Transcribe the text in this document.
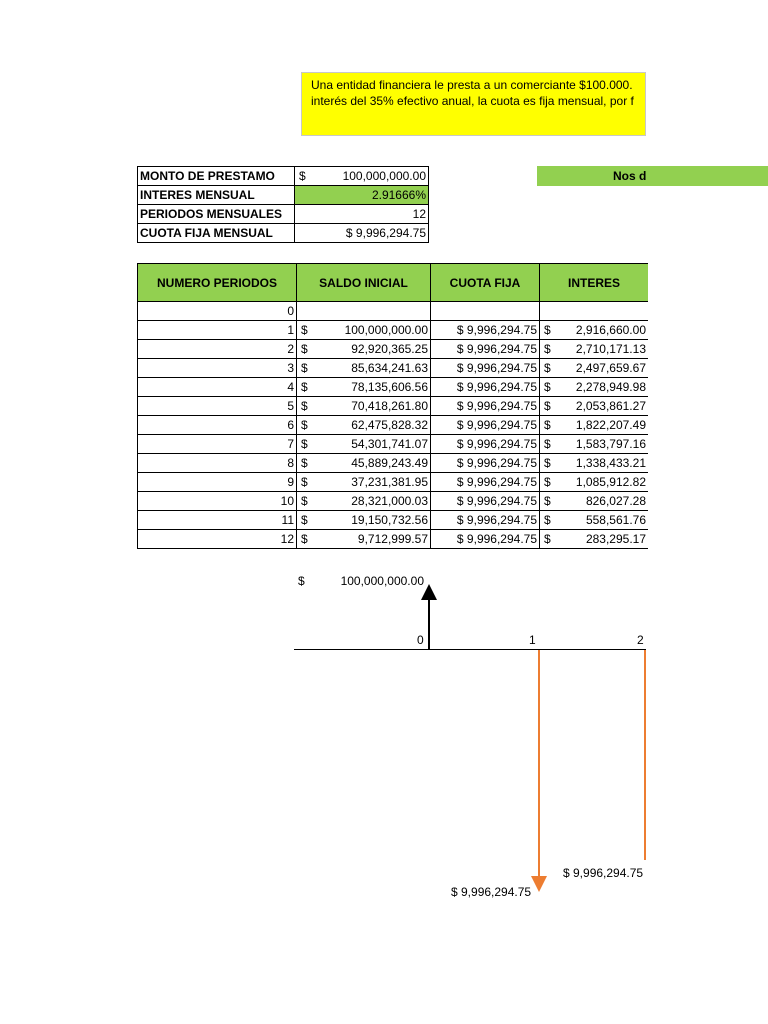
Una entidad financiera le presta a un comerciante $100.000.
interés del 35% efectivo anual, la cuota es fija mensual, por f
Nos d
MONTO DE PRESTAMO	$ 100,000,000.00
INTERES MENSUAL	2.91666%
PERIODOS MENSUALES	12
CUOTA FIJA MENSUAL	$ 9,996,294.75
NUMERO PERIODOS	SALDO INICIAL	CUOTA FIJA	INTERES
0			
1	$ 100,000,000.00	$ 9,996,294.75	$ 2,916,660.00
2	$ 92,920,365.25	$ 9,996,294.75	$ 2,710,171.13
3	$ 85,634,241.63	$ 9,996,294.75	$ 2,497,659.67
4	$ 78,135,606.56	$ 9,996,294.75	$ 2,278,949.98
5	$ 70,418,261.80	$ 9,996,294.75	$ 2,053,861.27
6	$ 62,475,828.32	$ 9,996,294.75	$ 1,822,207.49
7	$ 54,301,741.07	$ 9,996,294.75	$ 1,583,797.16
8	$ 45,889,243.49	$ 9,996,294.75	$ 1,338,433.21
9	$ 37,231,381.95	$ 9,996,294.75	$ 1,085,912.82
10	$ 28,321,000.03	$ 9,996,294.75	$ 826,027.28
11	$ 19,150,732.56	$ 9,996,294.75	$ 558,561.76
12	$ 9,712,999.57	$ 9,996,294.75	$ 283,295.17
$	100,000,000.00
0	1	2
$ 9,996,294.75
$ 9,996,294.75
